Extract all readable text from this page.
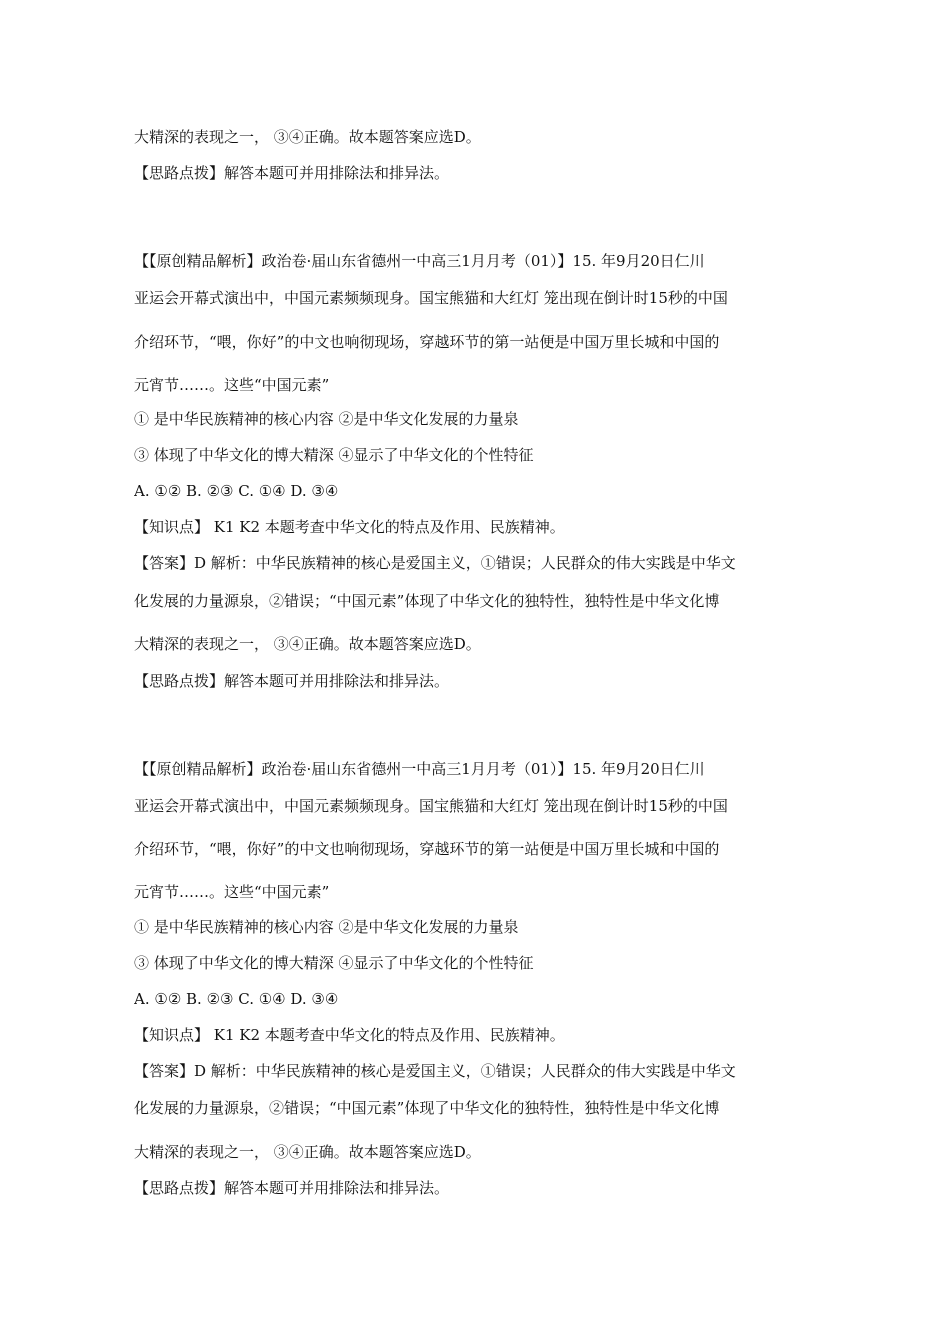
大精深的表现之一， ③④正确。故本题答案应选D。
【思路点拨】解答本题可并用排除法和排异法。
【【原创精品解析】政治卷·届山东省德州一中高三1月月考（01）】15. 年9月20日仁川
亚运会开幕式演出中，中国元素频频现身。国宝熊猫和大红灯 笼出现在倒计时15秒的中国
介绍环节，“喂，你好”的中文也响彻现场，穿越环节的第一站便是中国万里长城和中国的
元宵节……。这些“中国元素”
① 是中华民族精神的核心内容 ②是中华文化发展的力量泉
③ 体现了中华文化的博大精深 ④显示了中华文化的个性特征
A. ①② B. ②③ C. ①④ D. ③④
【知识点】 K1 K2 本题考查中华文化的特点及作用、民族精神。
【答案】D 解析：中华民族精神的核心是爱国主义，①错误；人民群众的伟大实践是中华文
化发展的力量源泉，②错误；“中国元素”体现了中华文化的独特性，独特性是中华文化博
大精深的表现之一， ③④正确。故本题答案应选D。
【思路点拨】解答本题可并用排除法和排异法。
【【原创精品解析】政治卷·届山东省德州一中高三1月月考（01）】15. 年9月20日仁川
亚运会开幕式演出中，中国元素频频现身。国宝熊猫和大红灯 笼出现在倒计时15秒的中国
介绍环节，“喂，你好”的中文也响彻现场，穿越环节的第一站便是中国万里长城和中国的
元宵节……。这些“中国元素”
① 是中华民族精神的核心内容 ②是中华文化发展的力量泉
③ 体现了中华文化的博大精深 ④显示了中华文化的个性特征
A. ①② B. ②③ C. ①④ D. ③④
【知识点】 K1 K2 本题考查中华文化的特点及作用、民族精神。
【答案】D 解析：中华民族精神的核心是爱国主义，①错误；人民群众的伟大实践是中华文
化发展的力量源泉，②错误；“中国元素”体现了中华文化的独特性，独特性是中华文化博
大精深的表现之一， ③④正确。故本题答案应选D。
【思路点拨】解答本题可并用排除法和排异法。
